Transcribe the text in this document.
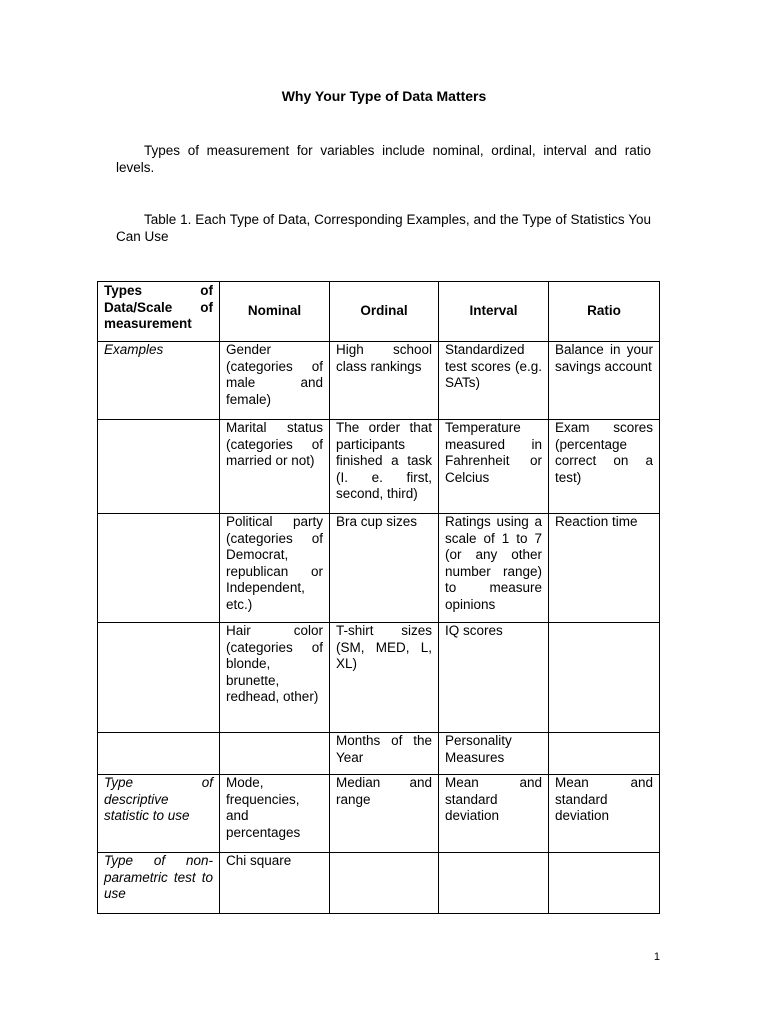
Why Your Type of Data Matters
Types of measurement for variables include nominal, ordinal, interval and ratio levels.
Table 1. Each Type of Data, Corresponding Examples, and the Type of Statistics You Can Use
Types of Data/Scale of measurement	Nominal	Ordinal	Interval	Ratio
Examples	Gender (categories of male and female)	High school class rankings	Standardized test scores (e.g. SATs)	Balance in your savings account
	Marital status (categories of married or not)	The order that participants finished a task (I. e. first, second, third)	Temperature measured in Fahrenheit or Celcius	Exam scores (percentage correct on a test)
	Political party (categories of Democrat, republican or Independent, etc.)	Bra cup sizes	Ratings using a scale of 1 to 7 (or any other number range) to measure opinions	Reaction time
	Hair color (categories of blonde, brunette, redhead, other)	T-shirt sizes (SM, MED, L, XL)	IQ scores	
		Months of the Year	Personality Measures	
Type of descriptive statistic to use	Mode, frequencies, and percentages	Median and range	Mean and standard deviation	Mean and standard deviation
Type of non-parametric test to use	Chi square			
1
